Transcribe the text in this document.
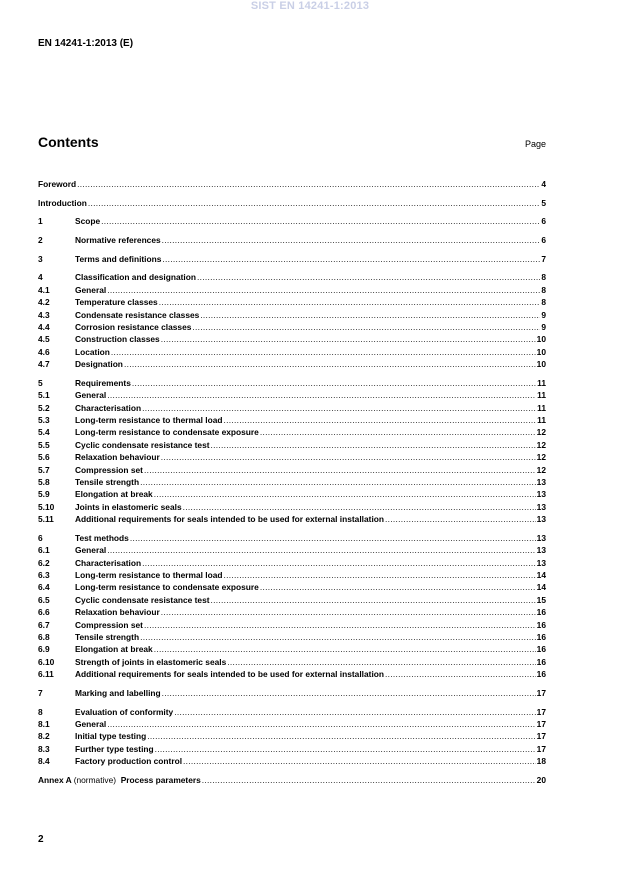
SIST EN 14241-1:2013
EN 14241-1:2013 (E)
Contents	Page
Foreword .....	4
Introduction .....	5
1	Scope .....	6
2	Normative references .....	6
3	Terms and definitions .....	7
4	Classification and designation .....	8
4.1	General .....	8
4.2	Temperature classes .....	8
4.3	Condensate resistance classes .....	9
4.4	Corrosion resistance classes .....	9
4.5	Construction classes .....	10
4.6	Location .....	10
4.7	Designation .....	10
5	Requirements .....	11
5.1	General .....	11
5.2	Characterisation .....	11
5.3	Long-term resistance to thermal load .....	11
5.4	Long-term resistance to condensate exposure .....	12
5.5	Cyclic condensate resistance test .....	12
5.6	Relaxation behaviour .....	12
5.7	Compression set .....	12
5.8	Tensile strength .....	13
5.9	Elongation at break .....	13
5.10	Joints in elastomeric seals .....	13
5.11	Additional requirements for seals intended to be used for external installation .....	13
6	Test methods .....	13
6.1	General .....	13
6.2	Characterisation .....	13
6.3	Long-term resistance to thermal load .....	14
6.4	Long-term resistance to condensate exposure .....	14
6.5	Cyclic condensate resistance test .....	15
6.6	Relaxation behaviour .....	16
6.7	Compression set .....	16
6.8	Tensile strength .....	16
6.9	Elongation at break .....	16
6.10	Strength of joints in elastomeric seals .....	16
6.11	Additional requirements for seals intended to be used for external installation .....	16
7	Marking and labelling .....	17
8	Evaluation of conformity .....	17
8.1	General .....	17
8.2	Initial type testing .....	17
8.3	Further type testing .....	17
8.4	Factory production control .....	18
Annex A (normative) Process parameters .....	20
2
